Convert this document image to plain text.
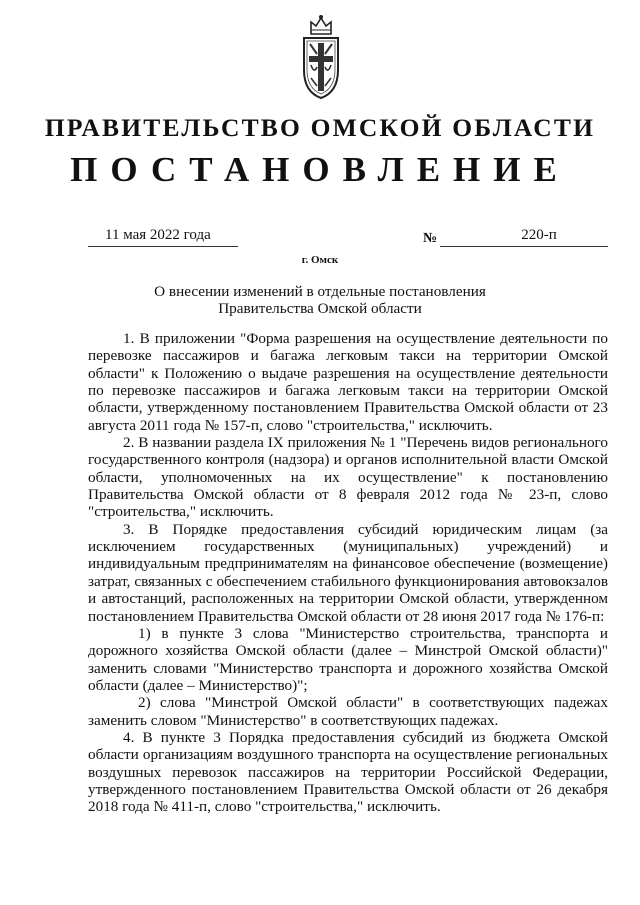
ПРАВИТЕЛЬСТВО ОМСКОЙ ОБЛАСТИ
ПОСТАНОВЛЕНИЕ
11 мая 2022 года	№	220-п
г. Омск
О внесении изменений в отдельные постановления
Правительства Омской области

1. В приложении "Форма разрешения на осуществление деятельности по перевозке пассажиров и багажа легковым такси на территории Омской области" к Положению о выдаче разрешения на осуществление деятельности по перевозке пассажиров и багажа легковым такси на территории Омской области, утвержденному постановлением Правительства Омской области от 23 августа 2011 года № 157-п, слово "строительства," исключить.

2. В названии раздела IX приложения № 1 "Перечень видов регионального государственного контроля (надзора) и органов исполнительной власти Омской области, уполномоченных на их осуществление" к постановлению Правительства Омской области от 8 февраля 2012 года № 23-п, слово "строительства," исключить.

3. В Порядке предоставления субсидий юридическим лицам (за исключением государственных (муниципальных) учреждений) и индивидуальным предпринимателям на финансовое обеспечение (возмещение) затрат, связанных с обеспечением стабильного функционирования автовокзалов и автостанций, расположенных на территории Омской области, утвержденном постановлением Правительства Омской области от 28 июня 2017 года № 176-п:

1) в пункте 3 слова "Министерство строительства, транспорта и дорожного хозяйства Омской области (далее – Минстрой Омской области)" заменить словами "Министерство транспорта и дорожного хозяйства Омской области (далее – Министерство)";

2) слова "Минстрой Омской области" в соответствующих падежах заменить словом "Министерство" в соответствующих падежах.

4. В пункте 3 Порядка предоставления субсидий из бюджета Омской области организациям воздушного транспорта на осуществление региональных воздушных перевозок пассажиров на территории Российской Федерации, утвержденного постановлением Правительства Омской области от 26 декабря 2018 года № 411-п, слово "строительства," исключить.
